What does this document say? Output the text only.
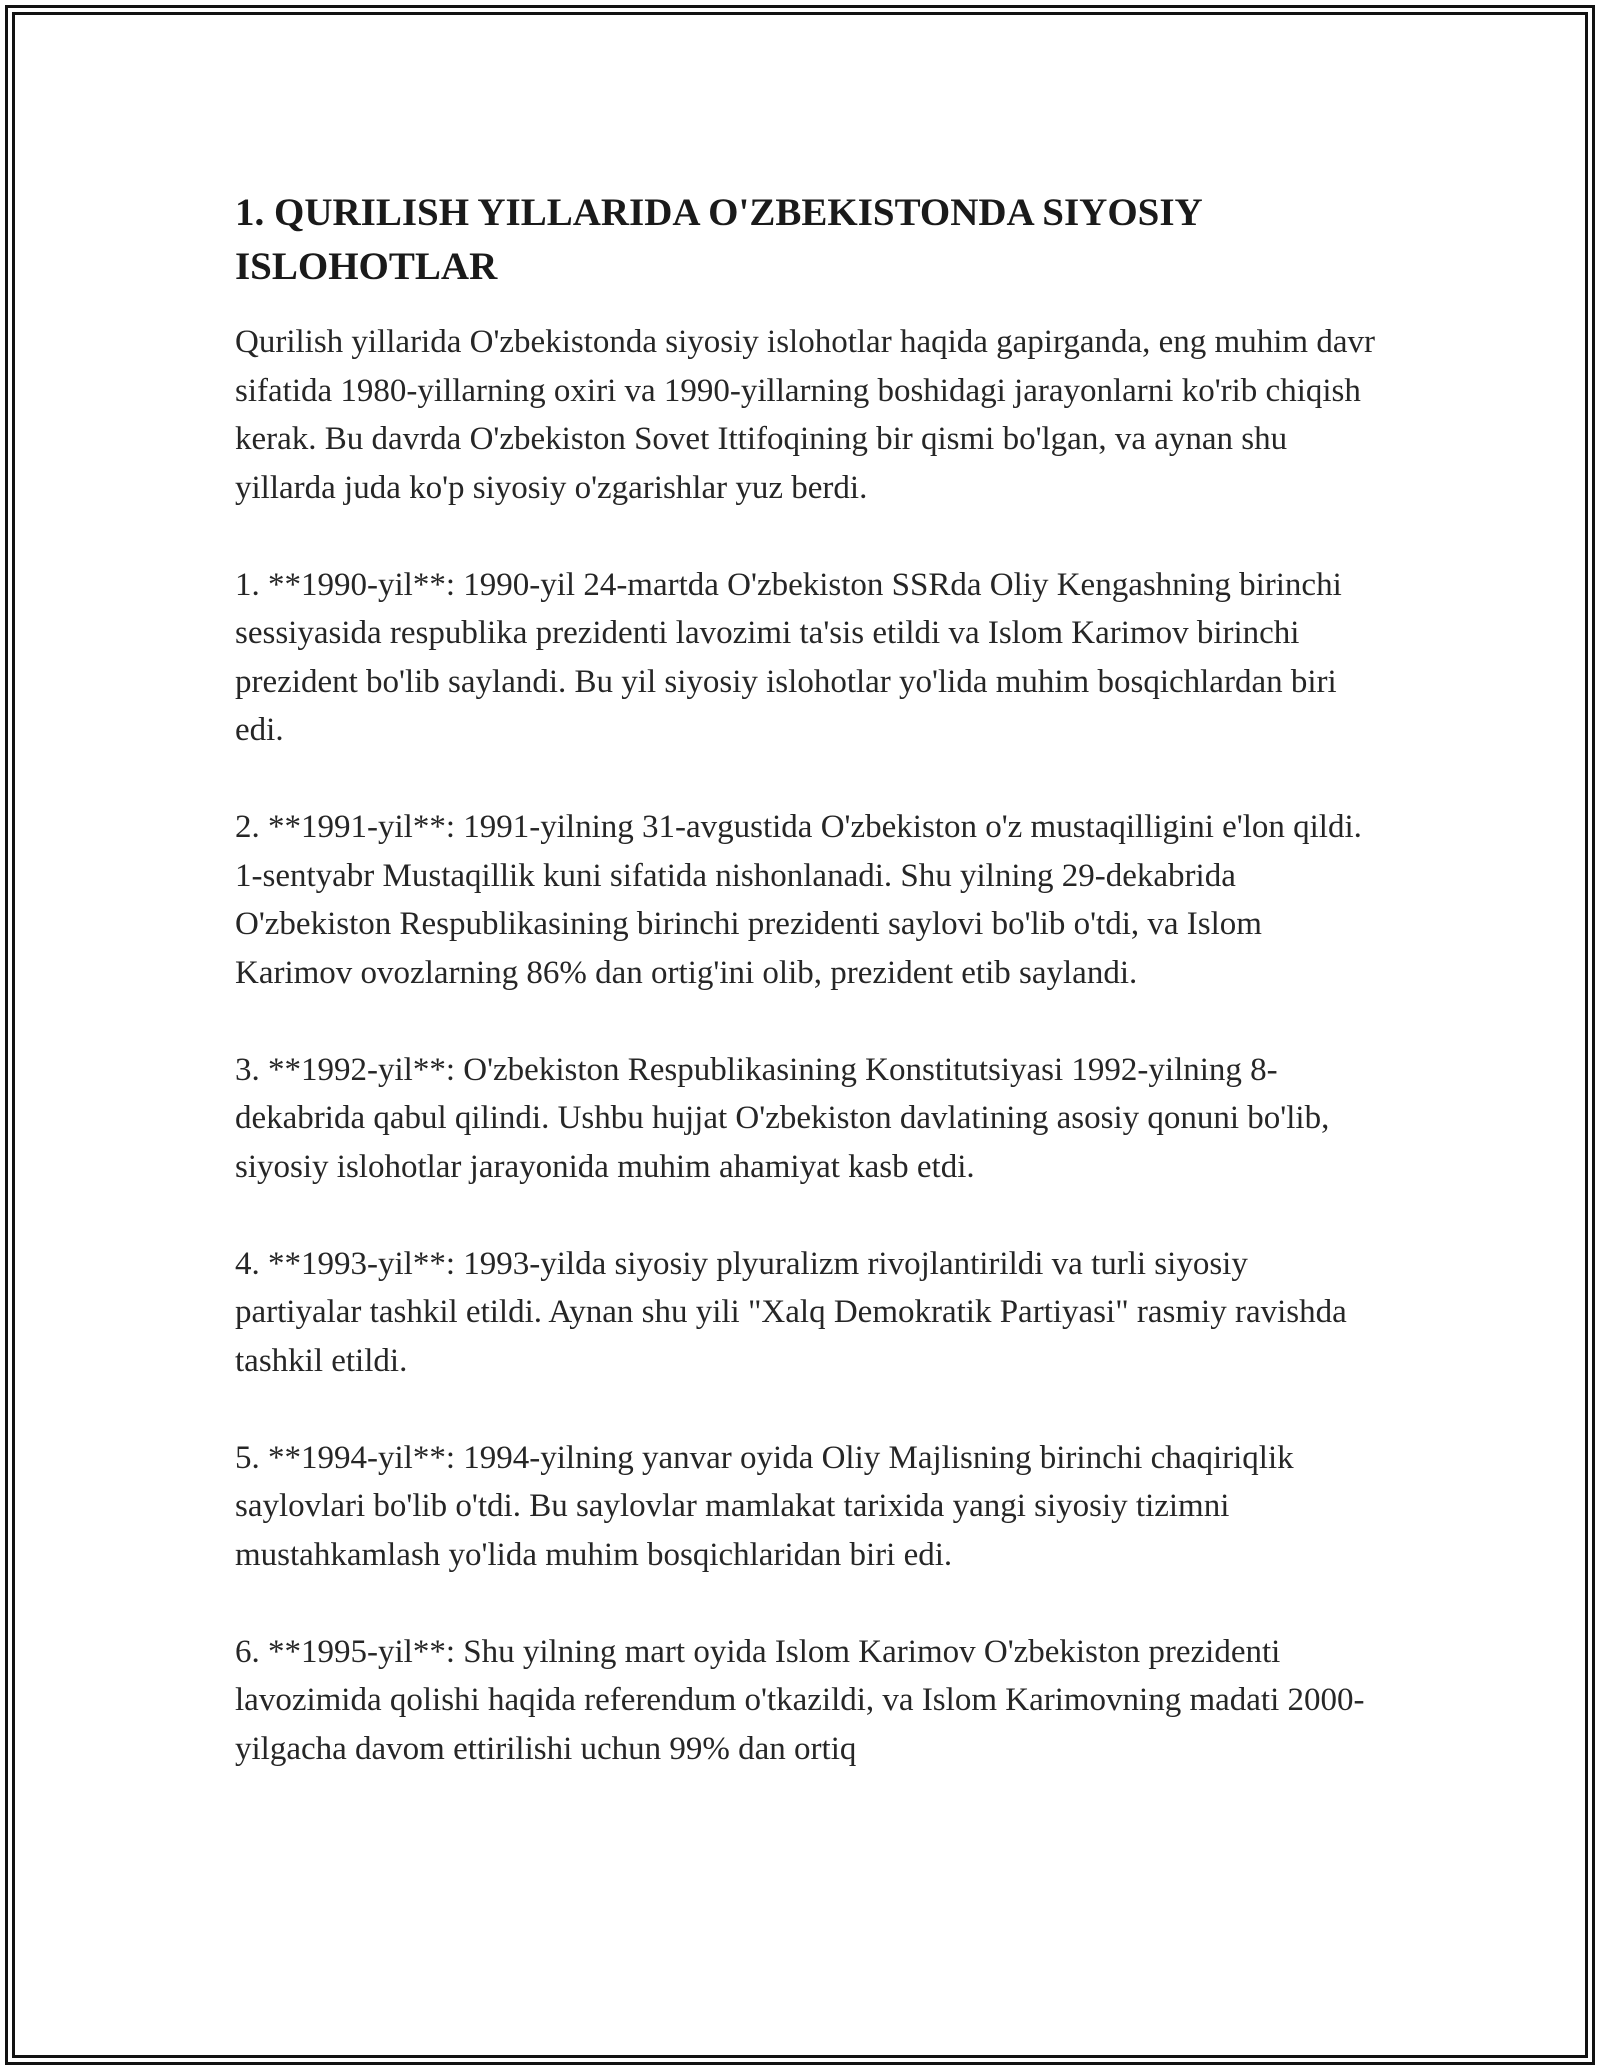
1. QURILISH YILLARIDA O'ZBEKISTONDA SIYOSIY ISLOHOTLAR

Qurilish yillarida O'zbekistonda siyosiy islohotlar haqida gapirganda, eng muhim davr sifatida 1980-yillarning oxiri va 1990-yillarning boshidagi jarayonlarni ko'rib chiqish kerak. Bu davrda O'zbekiston Sovet Ittifoqining bir qismi bo'lgan, va aynan shu yillarda juda ko'p siyosiy o'zgarishlar yuz berdi.

1. **1990-yil**: 1990-yil 24-martda O'zbekiston SSRda Oliy Kengashning birinchi sessiyasida respublika prezidenti lavozimi ta'sis etildi va Islom Karimov birinchi prezident bo'lib saylandi. Bu yil siyosiy islohotlar yo'lida muhim bosqichlardan biri edi.

2. **1991-yil**: 1991-yilning 31-avgustida O'zbekiston o'z mustaqilligini e'lon qildi. 1-sentyabr Mustaqillik kuni sifatida nishonlanadi. Shu yilning 29-dekabrida O'zbekiston Respublikasining birinchi prezidenti saylovi bo'lib o'tdi, va Islom Karimov ovozlarning 86% dan ortig'ini olib, prezident etib saylandi.

3. **1992-yil**: O'zbekiston Respublikasining Konstitutsiyasi 1992-yilning 8-dekabrida qabul qilindi. Ushbu hujjat O'zbekiston davlatining asosiy qonuni bo'lib, siyosiy islohotlar jarayonida muhim ahamiyat kasb etdi.

4. **1993-yil**: 1993-yilda siyosiy plyuralizm rivojlantirildi va turli siyosiy partiyalar tashkil etildi. Aynan shu yili "Xalq Demokratik Partiyasi" rasmiy ravishda tashkil etildi.

5. **1994-yil**: 1994-yilning yanvar oyida Oliy Majlisning birinchi chaqiriqlik saylovlari bo'lib o'tdi. Bu saylovlar mamlakat tarixida yangi siyosiy tizimni mustahkamlash yo'lida muhim bosqichlaridan biri edi.

6. **1995-yil**: Shu yilning mart oyida Islom Karimov O'zbekiston prezidenti lavozimida qolishi haqida referendum o'tkazildi, va Islom Karimovning madati 2000-yilgacha davom ettirilishi uchun 99% dan ortiq
